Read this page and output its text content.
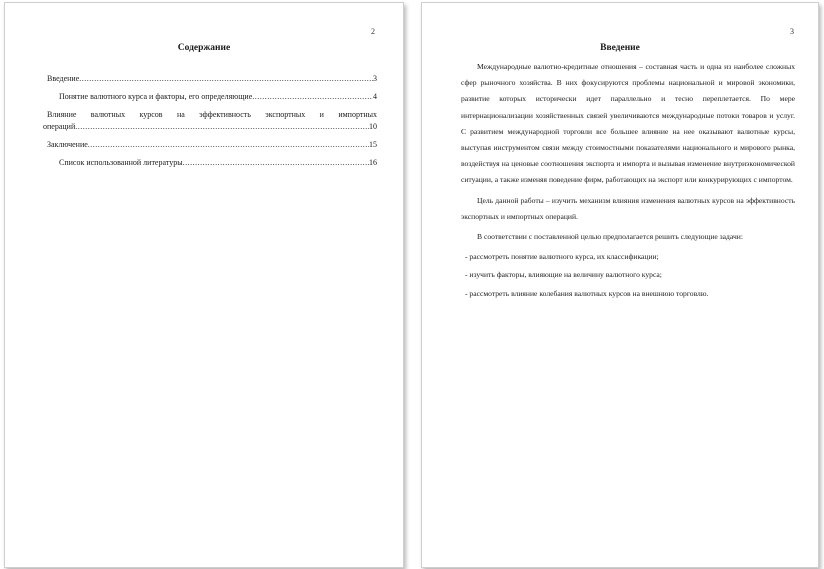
2
Содержание
Введение .....	3
Понятие валютного курса и факторы, его определяющие .....	4
Влияние валютных курсов на эффективность экспортных и импортных
операций .....	10
Заключение .....	15
Список использованной литературы .....	16
3
Введение

Международные валютно-кредитные отношения – составная часть и одна из наиболее сложных сфер рыночного хозяйства. В них фокусируются проблемы национальной и мировой экономики, развитие которых исторически идет параллельно и тесно переплетается. По мере интернационализации хозяйственных связей увеличиваются международные потоки товаров и услуг. С развитием международной торговли все большее влияние на нее оказывают валютные курсы, выступая инструментом связи между стоимостными показателями национального и мирового рынка, воздействуя на ценовые соотношения экспорта и импорта и вызывая изменение внутриэкономической ситуации, а также изменяя поведение фирм, работающих на экспорт или конкурирующих с импортом.

Цель данной работы – изучить механизм влияния изменения валютных курсов на эффективность экспортных и импортных операций.

В соответствии с поставленной целью предполагается решить следующие задачи:

- рассмотреть понятие валютного курса, их классификации;
- изучить факторы, влияющие на величину валютного курса;
- рассмотреть влияние колебания валютных курсов на внешнюю торговлю.
